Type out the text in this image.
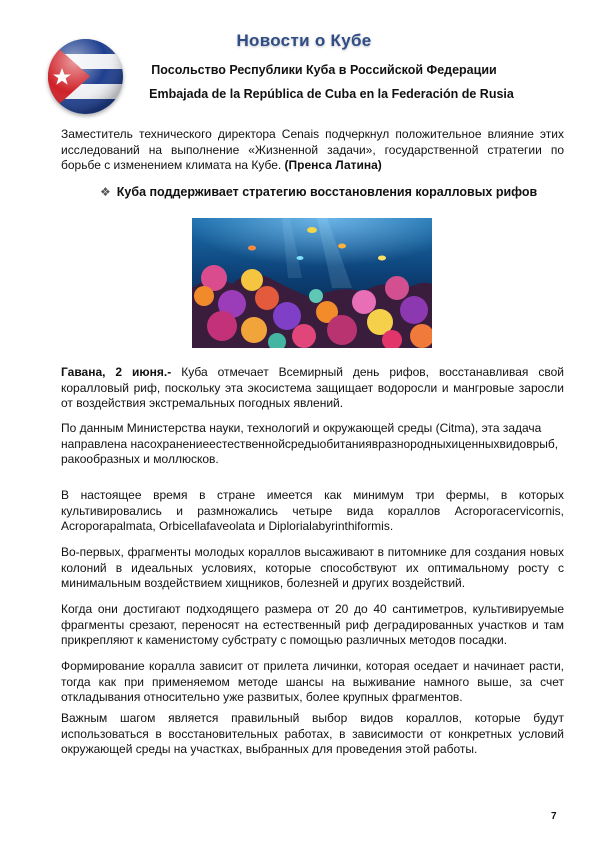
Новости о Кубе
Посольство Республики Куба в Российской Федерации
Embajada de la República de Cuba en la Federación de Rusia
Заместитель технического директора Cenais подчеркнул положительное влияние этих исследований на выполнение «Жизненной задачи», государственной стратегии по борьбе с изменением климата на Кубе. (Пренса Латина)
❖ Куба поддерживает стратегию восстановления коралловых рифов
Гавана, 2 июня.- Куба отмечает Всемирный день рифов, восстанавливая свой коралловый риф, поскольку эта экосистема защищает водоросли и мангровые заросли от воздействия экстремальных погодных явлений.
По данным Министерства науки, технологий и окружающей среды (Citma), эта задача направлена насохранениеестественнойсредыобитаниявразнородныхиценныхвидоврыб, ракообразных и моллюсков.
В настоящее время в стране имеется как минимум три фермы, в которых культивировались и размножались четыре вида кораллов Acroporacervicornis, Acroporapalmata, Orbicellafaveolata и Diplorialabyrinthiformis.
Во-первых, фрагменты молодых кораллов высаживают в питомнике для создания новых колоний в идеальных условиях, которые способствуют их оптимальному росту с минимальным воздействием хищников, болезней и других воздействий.
Когда они достигают подходящего размера от 20 до 40 сантиметров, культивируемые фрагменты срезают, переносят на естественный риф деградированных участков и там прикрепляют к каменистому субстрату с помощью различных методов посадки.
Формирование коралла зависит от прилета личинки, которая оседает и начинает расти, тогда как при применяемом методе шансы на выживание намного выше, за счет откладывания относительно уже развитых, более крупных фрагментов.
Важным шагом является правильный выбор видов кораллов, которые будут использоваться в восстановительных работах, в зависимости от конкретных условий окружающей среды на участках, выбранных для проведения этой работы.
7
